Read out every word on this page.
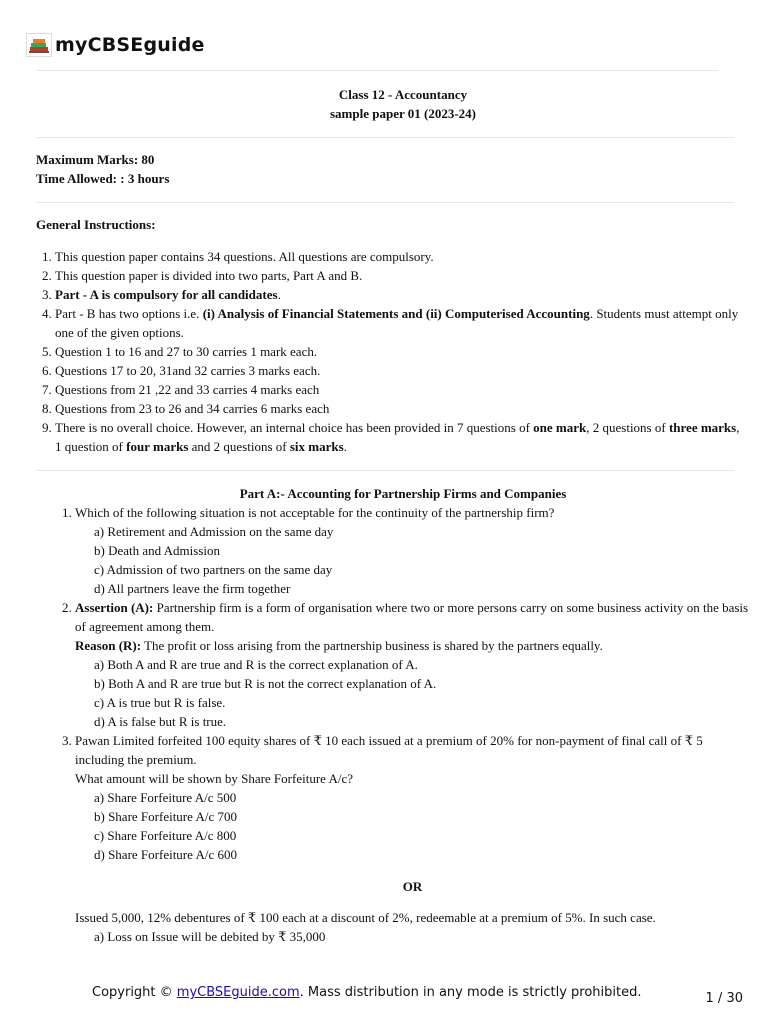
myCBSEguide
Class 12 - Accountancy
sample paper 01 (2023-24)
Maximum Marks: 80
Time Allowed: : 3 hours
General Instructions:
1. This question paper contains 34 questions. All questions are compulsory.
2. This question paper is divided into two parts, Part A and B.
3. Part - A is compulsory for all candidates.
4. Part - B has two options i.e. (i) Analysis of Financial Statements and (ii) Computerised Accounting. Students must attempt only one of the given options.
5. Question 1 to 16 and 27 to 30 carries 1 mark each.
6. Questions 17 to 20, 31and 32 carries 3 marks each.
7. Questions from 21 ,22 and 33 carries 4 marks each
8. Questions from 23 to 26 and 34 carries 6 marks each
9. There is no overall choice. However, an internal choice has been provided in 7 questions of one mark, 2 questions of three marks, 1 question of four marks and 2 questions of six marks.
Part A:- Accounting for Partnership Firms and Companies
1. Which of the following situation is not acceptable for the continuity of the partnership firm?
a) Retirement and Admission on the same day
b) Death and Admission
c) Admission of two partners on the same day
d) All partners leave the firm together
2. Assertion (A): Partnership firm is a form of organisation where two or more persons carry on some business activity on the basis of agreement among them.
Reason (R): The profit or loss arising from the partnership business is shared by the partners equally.
a) Both A and R are true and R is the correct explanation of A.
b) Both A and R are true but R is not the correct explanation of A.
c) A is true but R is false.
d) A is false but R is true.
3. Pawan Limited forfeited 100 equity shares of ₹ 10 each issued at a premium of 20% for non-payment of final call of ₹ 5 including the premium.
What amount will be shown by Share Forfeiture A/c?
a) Share Forfeiture A/c 500
b) Share Forfeiture A/c 700
c) Share Forfeiture A/c 800
d) Share Forfeiture A/c 600
OR
Issued 5,000, 12% debentures of ₹ 100 each at a discount of 2%, redeemable at a premium of 5%. In such case.
a) Loss on Issue will be debited by ₹ 35,000
Copyright © myCBSEguide.com. Mass distribution in any mode is strictly prohibited.	1 / 30
